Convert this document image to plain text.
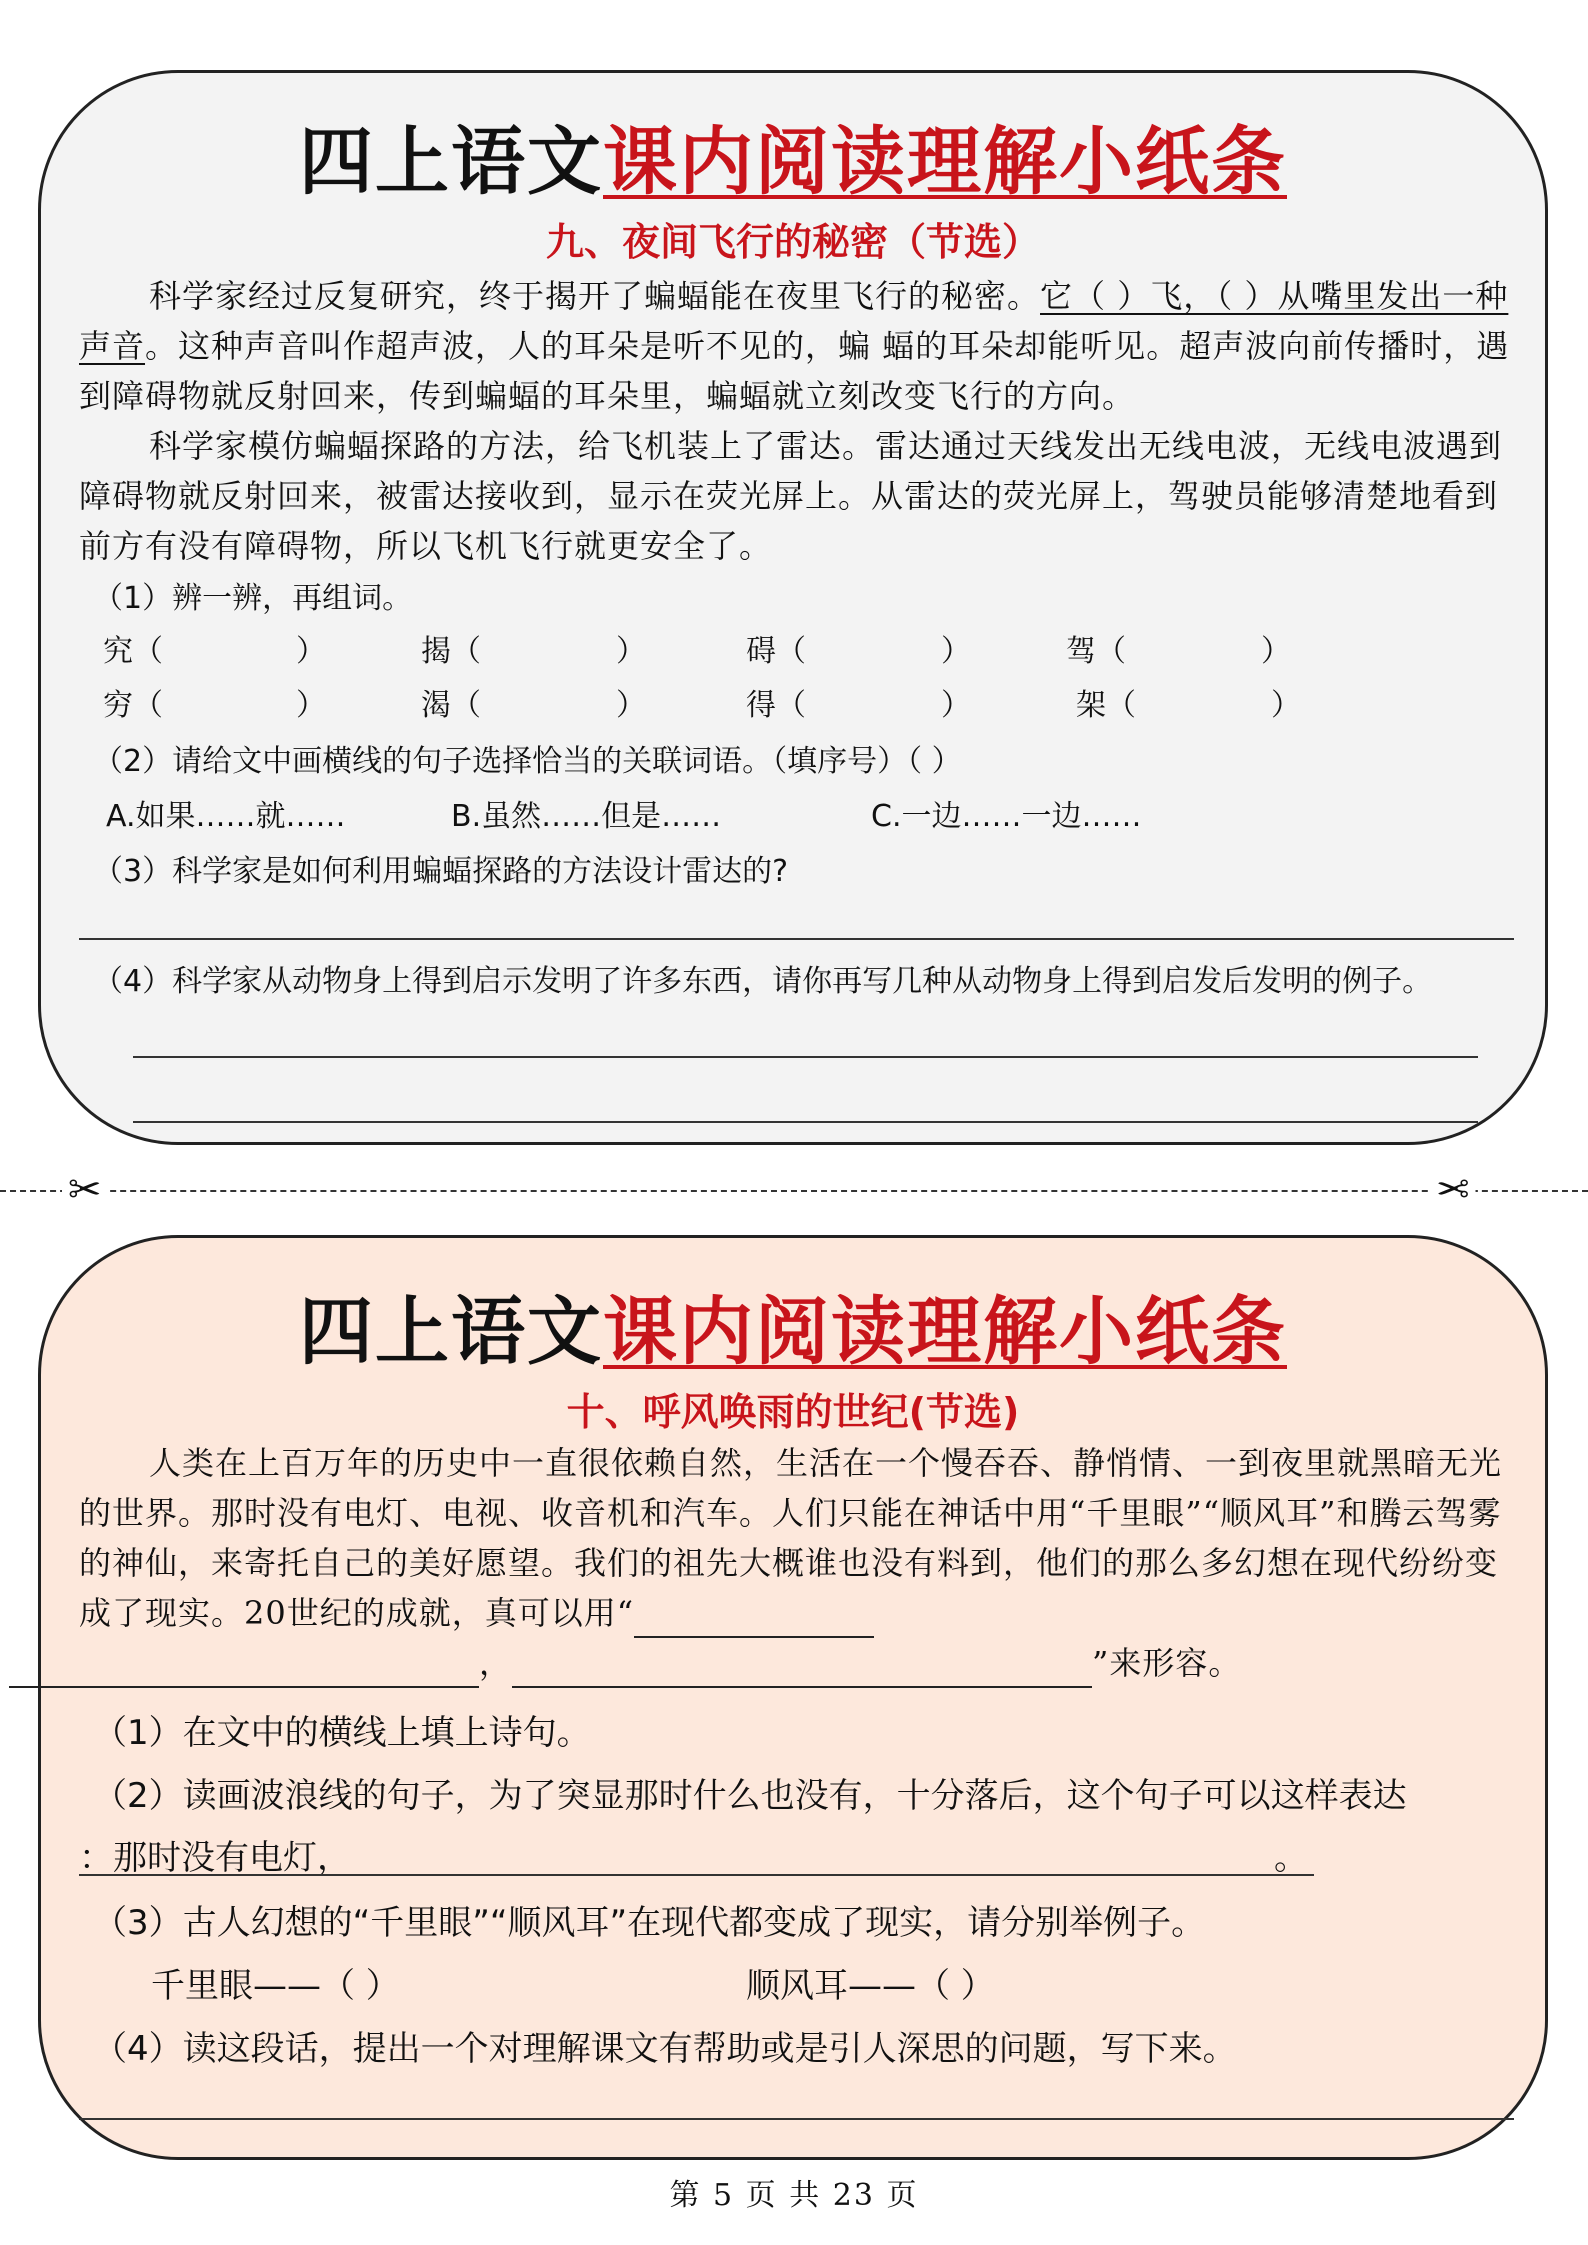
四上语文课内阅读理解小纸条
九、夜间飞行的秘密（节选）

科学家经过反复研究，终于揭开了蝙蝠能在夜里飞行的秘密。它（ ）飞，（ ）从嘴里发出一种声音。这种声音叫作超声波，人的耳朵是听不见的，蝙 蝠的耳朵却能听见。超声波向前传播时，遇到障碍物就反射回来，传到蝙蝠的耳朵里，蝙蝠就立刻改变飞行的方向。

科学家模仿蝙蝠探路的方法，给飞机装上了雷达。雷达通过天线发出无线电波，无线电波遇到障碍物就反射回来，被雷达接收到，显示在荧光屏上。从雷达的荧光屏上，驾驶员能够清楚地看到前方有没有障碍物，所以飞机飞行就更安全了。

（1）辨一辨，再组词。
究（	）	揭（	）	碍（	）	驾（	）
穷（	）	渴（	）	得（	）	架（	）
（2）请给文中画横线的句子选择恰当的关联词语。（填序号）（ ）
A.如果……就……	B.虽然……但是……	C.一边……一边……
（3）科学家是如何利用蝙蝠探路的方法设计雷达的?
（4）科学家从动物身上得到启示发明了许多东西，请你再写几种从动物身上得到启发后发明的例子。
✂	✂
四上语文课内阅读理解小纸条
十、呼风唤雨的世纪(节选)

人类在上百万年的历史中一直很依赖自然，生活在一个慢吞吞、静悄情、一到夜里就黑暗无光的世界。那时没有电灯、电视、收音机和汽车。人们只能在神话中用“千里眼”“顺风耳”和腾云驾雾的神仙，来寄托自己的美好愿望。我们的祖先大概谁也没有料到，他们的那么多幻想在现代纷纷变成了现实。20世纪的成就，真可以用“
，	”来形容。

（1）在文中的横线上填上诗句。
（2）读画波浪线的句子，为了突显那时什么也没有，十分落后，这个句子可以这样表达
：那时没有电灯，	。
（3）古人幻想的“千里眼”“顺风耳”在现代都变成了现实，请分别举例子。
千里眼——（ ）	顺风耳——（ ）
（4）读这段话，提出一个对理解课文有帮助或是引人深思的问题，写下来。
第 5 页 共 23 页
